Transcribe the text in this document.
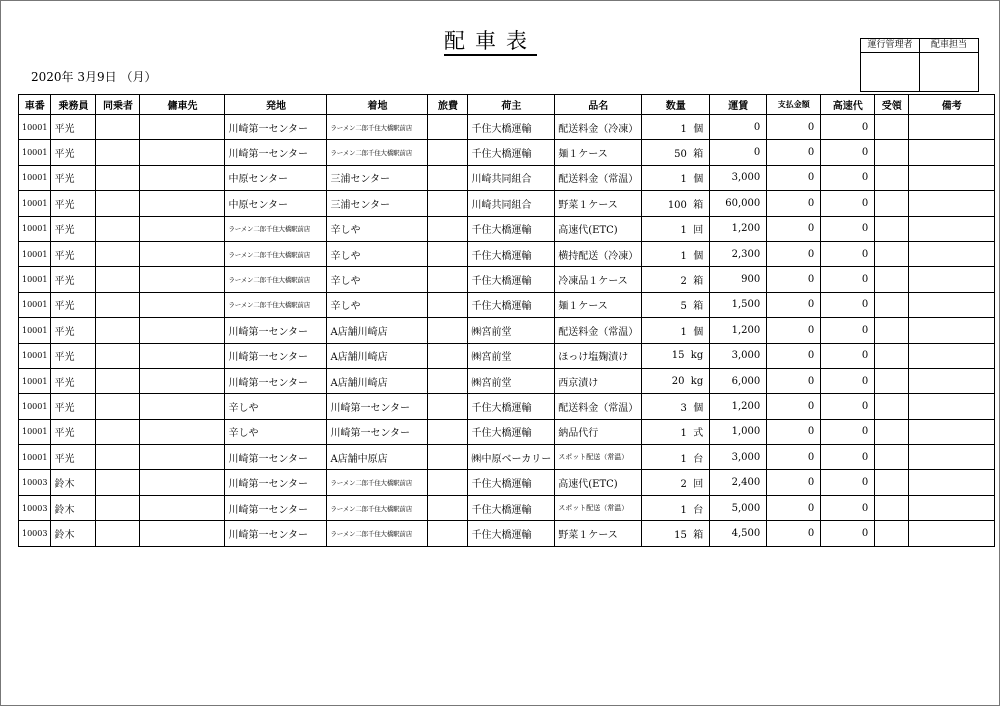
配車表
2020年 3月9日 （月）
運行管理者	配車担当

車番	乗務員	同乗者	傭車先	発地	着地	旅費	荷主	品名	数量	運賃	支払金額	高速代	受領	備考
10001	平光			川崎第一センター	ラーメン二郎千住大橋駅前店		千住大橋運輸	配送料金（冷凍）	1 個	0	0	0		
10001	平光			川崎第一センター	ラーメン二郎千住大橋駅前店		千住大橋運輸	麺１ケース	50 箱	0	0	0		
10001	平光			中原センター	三浦センター		川崎共同組合	配送料金（常温）	1 個	3,000	0	0		
10001	平光			中原センター	三浦センター		川崎共同組合	野菜１ケース	100 箱	60,000	0	0		
10001	平光			ラーメン二郎千住大橋駅前店	辛しや		千住大橋運輸	高速代(ETC)	1 回	1,200	0	0		
10001	平光			ラーメン二郎千住大橋駅前店	辛しや		千住大橋運輸	横持配送（冷凍）	1 個	2,300	0	0		
10001	平光			ラーメン二郎千住大橋駅前店	辛しや		千住大橋運輸	冷凍品１ケース	2 箱	900	0	0		
10001	平光			ラーメン二郎千住大橋駅前店	辛しや		千住大橋運輸	麺１ケース	5 箱	1,500	0	0		
10001	平光			川崎第一センター	A店舗川崎店		㈱宮前堂	配送料金（常温）	1 個	1,200	0	0		
10001	平光			川崎第一センター	A店舗川崎店		㈱宮前堂	ほっけ塩麹漬け	15 kg	3,000	0	0		
10001	平光			川崎第一センター	A店舗川崎店		㈱宮前堂	西京漬け	20 kg	6,000	0	0		
10001	平光			辛しや	川崎第一センター		千住大橋運輸	配送料金（常温）	3 個	1,200	0	0		
10001	平光			辛しや	川崎第一センター		千住大橋運輸	納品代行	1 式	1,000	0	0		
10001	平光			川崎第一センター	A店舗中原店		㈱中原ベーカリー	スポット配送（常温）	1 台	3,000	0	0		
10003	鈴木			川崎第一センター	ラーメン二郎千住大橋駅前店		千住大橋運輸	高速代(ETC)	2 回	2,400	0	0		
10003	鈴木			川崎第一センター	ラーメン二郎千住大橋駅前店		千住大橋運輸	スポット配送（常温）	1 台	5,000	0	0		
10003	鈴木			川崎第一センター	ラーメン二郎千住大橋駅前店		千住大橋運輸	野菜１ケース	15 箱	4,500	0	0		
